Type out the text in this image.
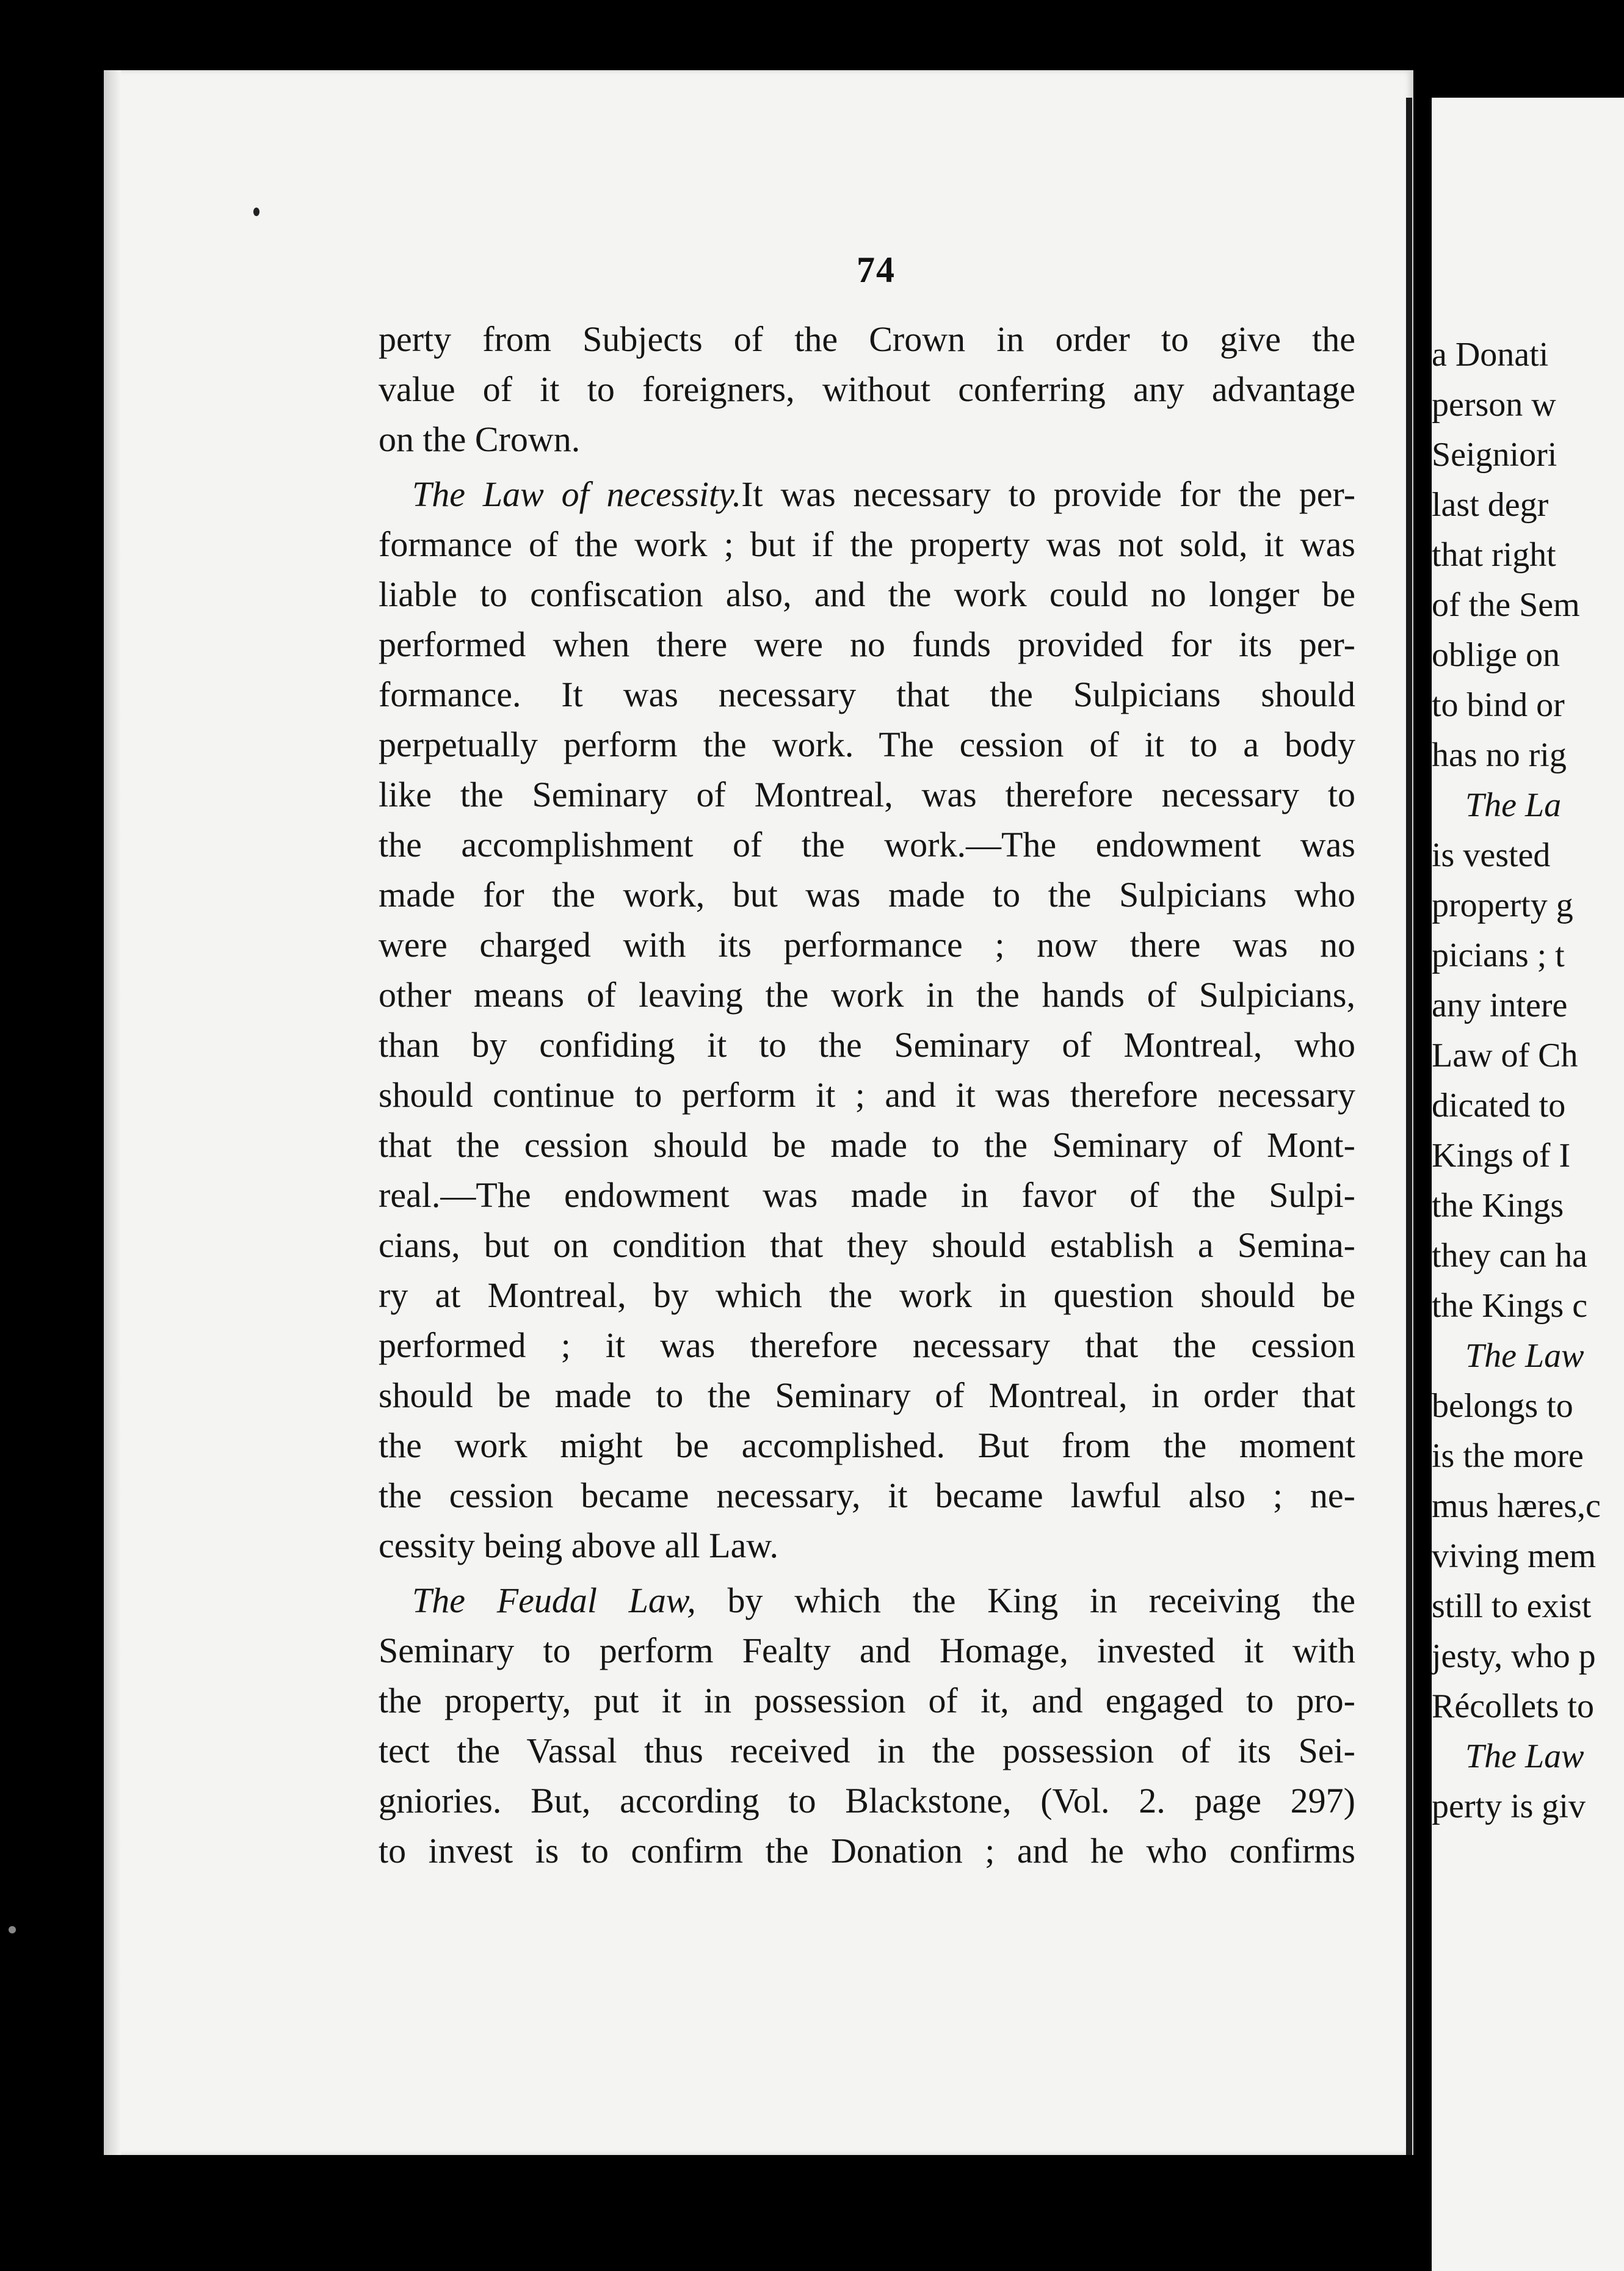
74
perty from Subjects of the Crown in order to give the
value of it to foreigners, without conferring any advantage
on the Crown.
The Law of necessity.It was necessary to provide for the per-
formance of the work ; but if the property was not sold, it was
liable to confiscation also, and the work could no longer be
performed when there were no funds provided for its per-
formance. It was necessary that the Sulpicians should
perpetually perform the work. The cession of it to a body
like the Seminary of Montreal, was therefore necessary to
the accomplishment of the work.—The endowment was
made for the work, but was made to the Sulpicians who
were charged with its performance ; now there was no
other means of leaving the work in the hands of Sulpicians,
than by confiding it to the Seminary of Montreal, who
should continue to perform it ; and it was therefore necessary
that the cession should be made to the Seminary of Mont-
real.—The endowment was made in favor of the Sulpi-
cians, but on condition that they should establish a Semina-
ry at Montreal, by which the work in question should be
performed ; it was therefore necessary that the cession
should be made to the Seminary of Montreal, in order that
the work might be accomplished. But from the moment
the cession became necessary, it became lawful also ; ne-
cessity being above all Law.
The Feudal Law, by which the King in receiving the
Seminary to perform Fealty and Homage, invested it with
the property, put it in possession of it, and engaged to pro-
tect the Vassal thus received in the possession of its Sei-
gniories. But, according to Blackstone, (Vol. 2. page 297)
to invest is to confirm the Donation ; and he who confirms
a Donati
person w
Seigniori
last degr
that right
of the Sem
oblige on
to bind or
has no rig
The La
is vested
property g
picians ; t
any intere
Law of Ch
dicated to
Kings of I
the Kings
they can ha
the Kings c
The Law
belongs to
is the more
mus hæres,c
viving mem
still to exist
jesty, who p
Récollets to
The Law
perty is giv
